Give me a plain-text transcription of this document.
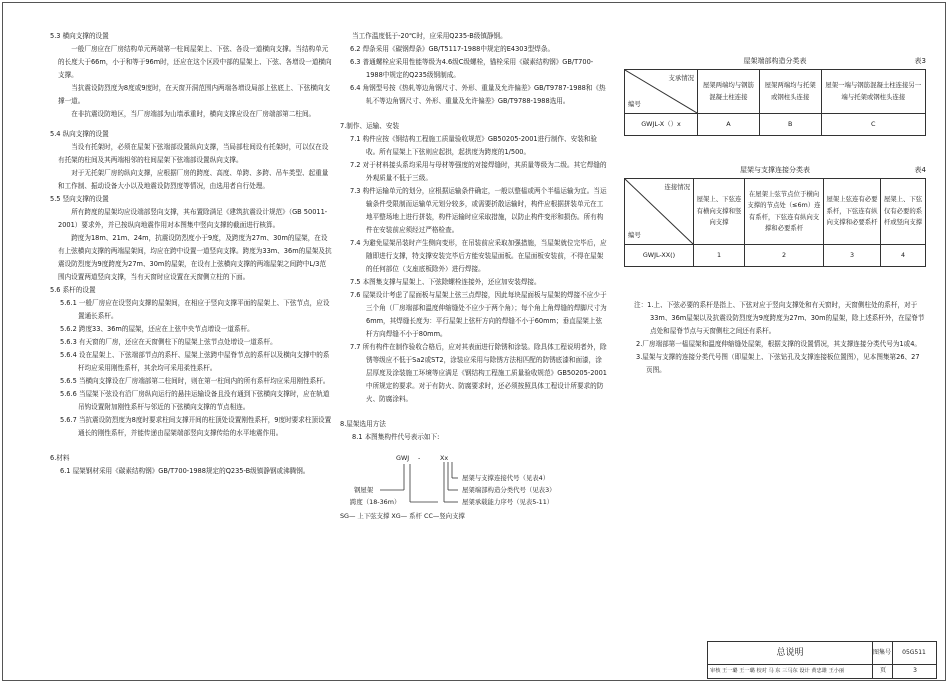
5.3 横向支撑的设置

一般厂房应在厂房结构单元两端第一柱间屋架上、下弦、各设一道横向支撑。当结构单元的长度大于66m，小于和等于96m时，还应在这个区段中部的屋架上、下弦、各增设一道横向支撑。

当抗震设防烈度为8度或9度时，在天窗开洞范围内两端各增设局部上弦底上、下弦横向支撑一道。

在非抗震设防地区，当厂房端部为山墙承重时，横向支撑应设在厂房端部第二柱间。

5.4 纵向支撑的设置

当设有托架时，必须在屋架下弦端部设置纵向支撑，当局部柱间设有托架时，可以仅在设有托架的柱间及其两端相邻的柱间屋架下弦端部设置纵向支撑。

对于无托架厂房的纵向支撑，应根据厂房的跨度、高度、单跨、多跨、吊车类型、起重量和工作制、振动设备大小以及地震设防烈度等情况，由选用者自行处理。

5.5 竖向支撑的设置

所有跨度的屋架均应设端部竖向支撑，其布置除满足《建筑抗震设计规范》（GB 50011-2001）要求外，并已按纵向地震作用对本图集中竖向支撑的截面进行核算。

跨度为18m、21m、24m，抗震设防烈度小于9度，及跨度为27m、30m的屋架，在设有上弦横向支撑的两端屋架间，均应在跨中设置一道竖向支撑。跨度为33m、36m的屋架及抗震设防烈度为9度跨度为27m、30m的屋架，在设有上弦横向支撑的两端屋架之间跨中L/3范围内设置两道竖向支撑，当有天窗时应设置在天窗侧立柱的下面。

5.6 系杆的设置

5.6.1 一般厂房应在设竖向支撑的屋架间，在相应于竖向支撑平面的屋架上、下弦节点，应设置通长系杆。

5.6.2 跨度33、36m的屋架，还应在上弦中央节点增设一道系杆。

5.6.3 有天窗的厂房，还应在天窗侧柱下的屋架上弦节点处增设一道系杆。

5.6.4 设在屋架上、下弦端部节点的系杆、屋架上弦跨中屋脊节点的系杆以及横向支撑中的系杆均应采用刚性系杆，其余均可采用柔性系杆。

5.6.5 当横向支撑设在厂房端部第二柱间时，则在第一柱间内的所有系杆均应采用刚性系杆。

5.6.6 当屋架下弦设有沿厂房纵向运行的悬挂运输设备且没有通到下弦横向支撑时，应在轨道吊钩设置附加刚性系杆与邻近的下弦横向支撑的节点相连。

5.6.7 当抗震设防烈度为8度时要求柱间支撑开间的柱顶处设置刚性系杆，9度时要求柱顶设置通长的刚性系杆，并能传递由屋架端部竖向支撑传给的水平地震作用。

6.材料

6.1 屋架钢材采用《碳素结构钢》GB/T700-1988规定的Q235-B级镇静钢或沸腾钢。

当工作温度低于-20℃时，应采用Q235-B级镇静钢。

6.2 焊条采用《碳钢焊条》GB/T5117-1988中规定的E4303型焊条。

6.3 普通螺栓应采用性能等级为4.6级C级螺栓，锚栓采用《碳素结构钢》GB/T700-1988中规定的Q235级钢制成。

6.4 角钢型号按《热轧等边角钢尺寸、外形、重量及允许偏差》GB/T9787-1988和《热轧不等边角钢尺寸、外形、重量及允许偏差》GB/T9788-1988选用。

7.制作、运输、安装

7.1 构件应按《钢结构工程施工质量验收规范》GB50205-2001进行制作、安装和验收。所有屋架上下弦则应起拱，起拱度为跨度的1/500。

7.2 对于材料接头系均采用与母材等强度的对接焊缝时，其质量等级为二级。其它焊缝的外观质量不低于三级。

7.3 构件运输单元的划分，应根据运输条件确定，一般以整榀或两个半榀运输为宜。当运输条件受限制而运输单元划分较多，或需要折散运输时，构件应根据拼装单元在工地平整场地上进行拼装，构件运输时应采取措施，以防止构件变形和损伤。所有构件在安装前应须经过严格检查。

7.4 为避免屋架吊装时产生侧向变形，在吊装前应采取加强措施，当屋架就位完毕后，应随即进行支撑，特支撑安装完毕后方能安装屋面板。在屋面板安装前，不得在屋架的任何部位（支座底板除外）进行焊接。

7.5 本图集支撑与屋架上、下弦除螺栓连接外，还应加安装焊接。

7.6 屋架设计考虑了屋面板与屋架上弦三点焊接，因此每块屋面板与屋架的焊接不应少于三个角（厂房端部和温度伸缩缝处不应少于两个角）；每个角上角焊缝的焊脚尺寸为6mm，其焊缝长度为：平行屋架上弦杆方向的焊缝不小于60mm；垂直屋架上弦杆方向焊缝不小于80mm。

7.7 所有构件在制作验收合格后，应对其表面进行除锈和涂装。除具体工程说明者外，除锈等级应不低于Sa2或ST2，涂装应采用与除锈方法相匹配的防锈底漆和面漆，涂层厚度及涂装施工环境等应满足《钢结构工程施工质量验收规范》GB50205-2001中所规定的要求。对于有防火、防腐要求时，还必须按照具体工程设计所要求的防火、防腐涂料。

8.屋架选用方法

8.1 本图集构件代号表示如下:

GWJ -	Xx
屋架与支撑连接代号（见表4）
屋架端部构造分类代号（见表3）
屋架承载能力序号（见表5-11）
钢屋架
跨度（18-36m）
SG— 上下弦支撑 XG— 系杆 CC—竖向支撑
屋架端部构造分类表	表3
支承情况
编号	屋架两端均与钢筋混凝土柱连接	屋架两端均与托架或钢柱头连接	屋架一端与钢筋混凝土柱连接另一端与托架或钢柱头连接
GWJL-X（）x	A	B	C
屋架与支撑连接分类表	表4
连接情况
编号	屋架上、下弦连有横向支撑和竖向支撑	在屋架上弦节点位于横向支撑的节点处（≤6m）连有系杆，下弦连有纵向支撑和必要系杆	屋架上弦连有必要系杆，下弦连有纵向支撑和必要系杆	屋架上、下弦仅有必要的系杆或竖向支撑
GWJL-XX()	1	2	3	4

注：1.上、下弦必要的系杆是指上、下弦对应于竖向支撑处和有天窗时，天窗侧柱处的系杆，对于33m、36m屋架以及抗震设防烈度为9度跨度为27m、30m的屋架，除上述系杆外，在屋脊节点处和屋脊节点与天窗侧柱之间还有系杆。

2.厂房端部第一榀屋架和温度伸缩缝处屋架，根据支撑的设置情况，其支撑连接分类代号为1或4。

3.屋架与支撑的连接分类代号图（即屋架上、下弦钻孔及支撑连接板位置图），见本图集第26、27页图。

总说明	图集号	05G511
审核 王一璐 王一璐 校对 马 东 三马东 设计 黄忠雄 王小丽	页	3
